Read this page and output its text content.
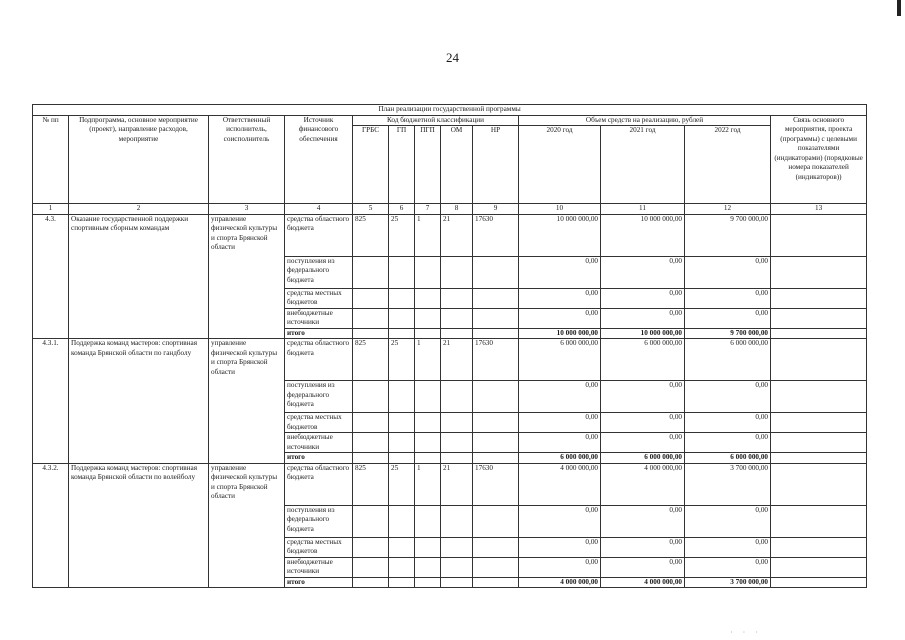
24
План реализации государственной программы												
№ пп	Подпрограмма, основное мероприятие (проект), направление расходов, мероприятие	Ответственный исполнитель, соисполнитель	Источник финансового обеспечения	Код бюджетной классификации					Объем средств на реализацию, рублей			Связь основного мероприятия, проекта (программы) с целевыми показателями (индикаторами) (порядковые номера показателей (индикаторов))
				ГРБС	ГП	ПГП	ОМ	НР	2020 год	2021 год	2022 год	
1	2	3	4	5	6	7	8	9	10	11	12	13
4.3.	Оказание государственной поддержки спортивным сборным командам	управление физической культуры и спорта Брянской области	средства областного бюджета	825	25	1	21	17630	10 000 000,00	10 000 000,00	9 700 000,00	
			поступления из федерального бюджета						0,00	0,00	0,00	
			средства местных бюджетов						0,00	0,00	0,00	
			внебюджетные источники						0,00	0,00	0,00	
			итого						10 000 000,00	10 000 000,00	9 700 000,00	
4.3.1.	Поддержка команд мастеров: спортивная команда Брянской области по гандболу	управление физической культуры и спорта Брянской области	средства областного бюджета	825	25	1	21	17630	6 000 000,00	6 000 000,00	6 000 000,00	
			поступления из федерального бюджета						0,00	0,00	0,00	
			средства местных бюджетов						0,00	0,00	0,00	
			внебюджетные источники						0,00	0,00	0,00	
			итого						6 000 000,00	6 000 000,00	6 000 000,00	
4.3.2.	Поддержка команд мастеров: спортивная команда Брянской области по волейболу	управление физической культуры и спорта Брянской области	средства областного бюджета	825	25	1	21	17630	4 000 000,00	4 000 000,00	3 700 000,00	
			поступления из федерального бюджета						0,00	0,00	0,00	
			средства местных бюджетов						0,00	0,00	0,00	
			внебюджетные источники						0,00	0,00	0,00	
			итого						4 000 000,00	4 000 000,00	3 700 000,00	
· · ·
